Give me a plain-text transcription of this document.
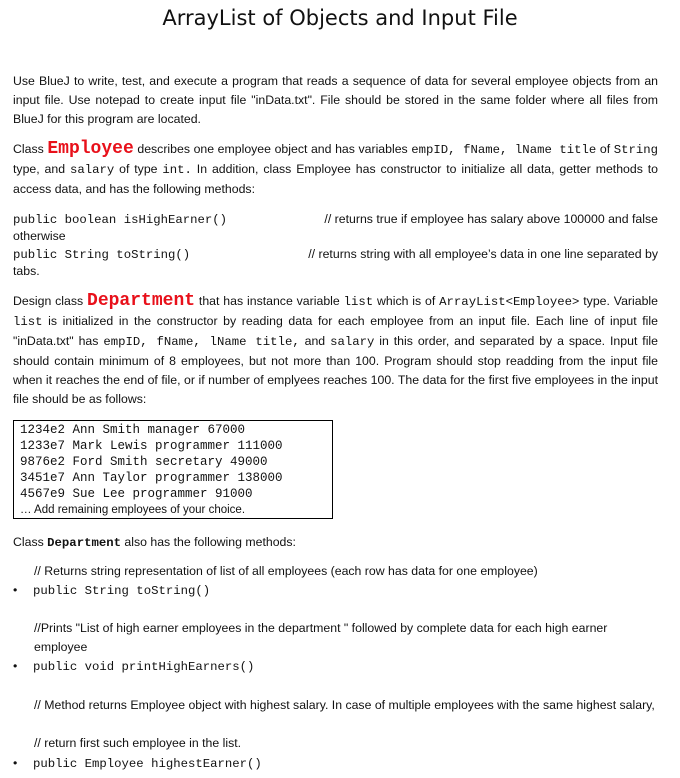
ArrayList of Objects and Input File
Use BlueJ to write, test, and execute a program that reads a sequence of data for several employee objects from an input file. Use notepad to create input file "inData.txt". File should be stored in the same folder where all files from BlueJ for this program are located.
Class Employee describes one employee object and has variables empID, fName, lName title of String type, and salary of type int. In addition, class Employee has constructor to initialize all data, getter methods to access data, and has the following methods:
public boolean isHighEarner()	// returns true if employee has salary above 100000 and false
otherwise
public String toString()	// returns string with all employee’s data in one line separated by
tabs.
Design class Department that has instance variable list which is of ArrayList<Employee> type. Variable list is initialized in the constructor by reading data for each employee from an input file. Each line of input file "inData.txt" has empID, fName, lName title, and salary in this order, and separated by a space. Input file should contain minimum of 8 employees, but not more than 100. Program should stop readding from the input file when it reaches the end of file, or if number of emplyees reaches 100. The data for the first five employees in the input file should be as follows:
1234e2 Ann Smith manager 67000
1233e7 Mark Lewis programmer 111000
9876e2 Ford Smith secretary 49000
3451e7 Ann Taylor programmer 138000
4567e9 Sue Lee programmer 91000
… Add remaining employees of your choice.
Class Department also has the following methods:
// Returns string representation of list of all employees (each row has data for one employee)
• public String toString()
//Prints "List of high earner employees in the department " followed by complete data for each high earner employee
• public void printHighEarners()
// Method returns Employee object with highest salary. In case of multiple employees with the same highest salary,
// return first such employee in the list.
• public Employee highestEarner()
